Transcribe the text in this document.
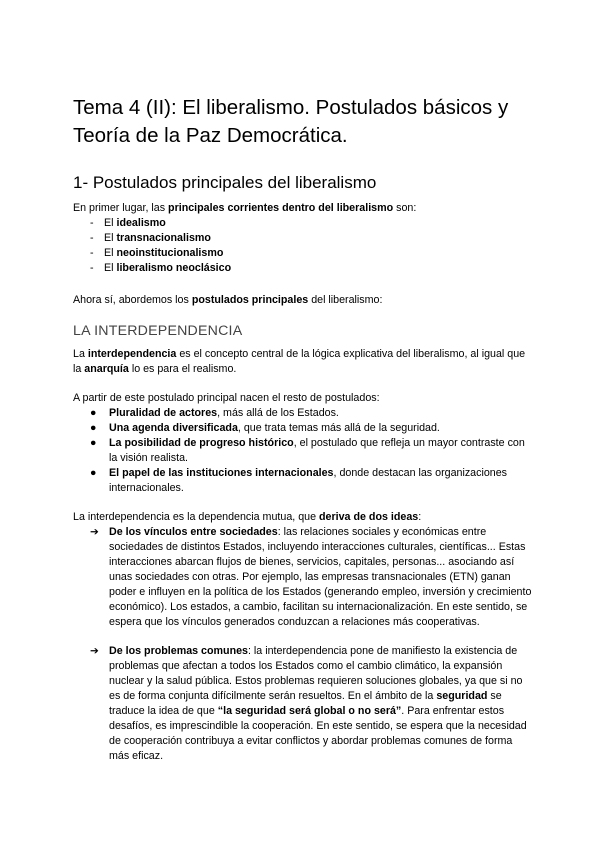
Tema 4 (II): El liberalismo. Postulados básicos y Teoría de la Paz Democrática.
1- Postulados principales del liberalismo

En primer lugar, las principales corrientes dentro del liberalismo son:

- El idealismo
- El transnacionalismo
- El neoinstitucionalismo
- El liberalismo neoclásico

Ahora sí, abordemos los postulados principales del liberalismo:

LA INTERDEPENDENCIA

La interdependencia es el concepto central de la lógica explicativa del liberalismo, al igual que la anarquía lo es para el realismo.

A partir de este postulado principal nacen el resto de postulados:

● Pluralidad de actores, más allá de los Estados.
● Una agenda diversificada, que trata temas más allá de la seguridad.
● La posibilidad de progreso histórico, el postulado que refleja un mayor contraste con la visión realista.
● El papel de las instituciones internacionales, donde destacan las organizaciones internacionales.

La interdependencia es la dependencia mutua, que deriva de dos ideas:

➔ De los vínculos entre sociedades: las relaciones sociales y económicas entre sociedades de distintos Estados, incluyendo interacciones culturales, científicas... Estas interacciones abarcan flujos de bienes, servicios, capitales, personas... asociando así unas sociedades con otras. Por ejemplo, las empresas transnacionales (ETN) ganan poder e influyen en la política de los Estados (generando empleo, inversión y crecimiento económico). Los estados, a cambio, facilitan su internacionalización. En este sentido, se espera que los vínculos generados conduzcan a relaciones más cooperativas.
➔ De los problemas comunes: la interdependencia pone de manifiesto la existencia de problemas que afectan a todos los Estados como el cambio climático, la expansión nuclear y la salud pública. Estos problemas requieren soluciones globales, ya que si no es de forma conjunta difícilmente serán resueltos. En el ámbito de la seguridad se traduce la idea de que “la seguridad será global o no será”. Para enfrentar estos desafíos, es imprescindible la cooperación. En este sentido, se espera que la necesidad de cooperación contribuya a evitar conflictos y abordar problemas comunes de forma más eficaz.
